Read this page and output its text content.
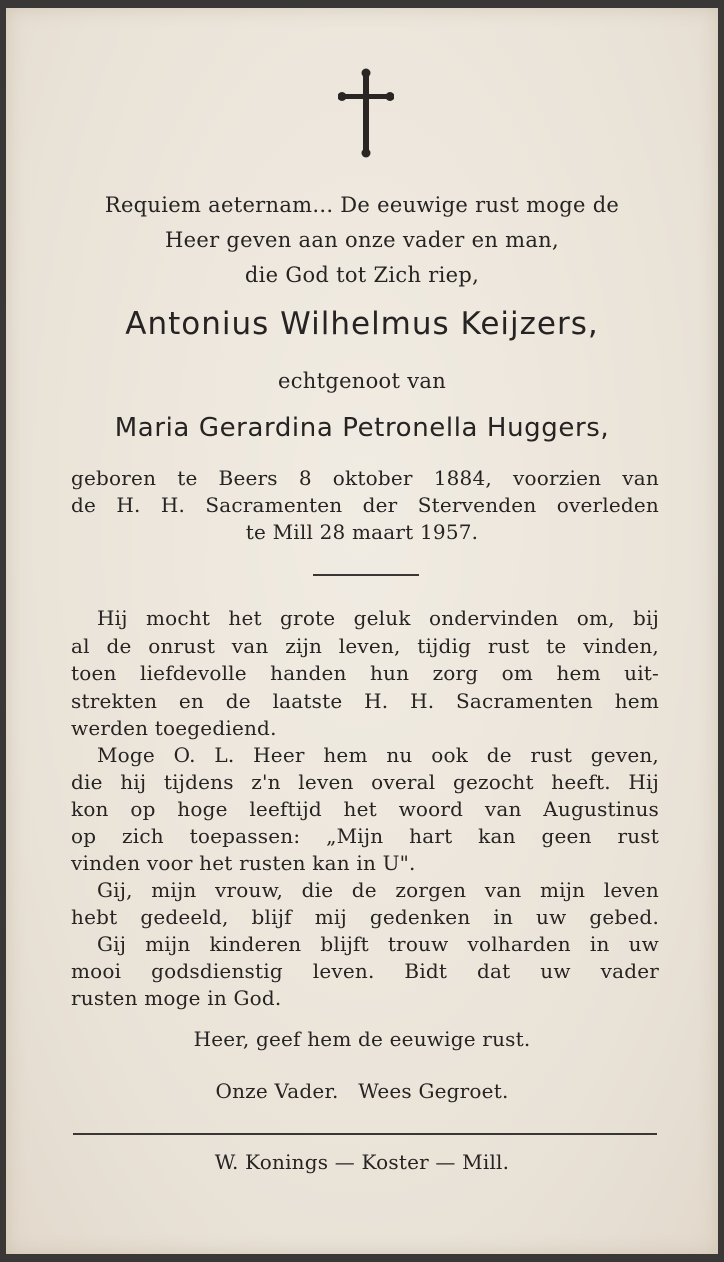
Requiem aeternam... De eeuwige rust moge de
Heer geven aan onze vader en man,
die God tot Zich riep,
Antonius Wilhelmus Keijzers,
echtgenoot van
Maria Gerardina Petronella Huggers,
geboren te Beers 8 oktober 1884, voorzien van
de H. H. Sacramenten der Stervenden overleden
te Mill 28 maart 1957.
Hij mocht het grote geluk ondervinden om, bij
al de onrust van zijn leven, tijdig rust te vinden,
toen liefdevolle handen hun zorg om hem uit-
strekten en de laatste H. H. Sacramenten hem
werden toegediend.
Moge O. L. Heer hem nu ook de rust geven,
die hij tijdens z'n leven overal gezocht heeft. Hij
kon op hoge leeftijd het woord van Augustinus
op zich toepassen: „Mijn hart kan geen rust
vinden voor het rusten kan in U".
Gij, mijn vrouw, die de zorgen van mijn leven
hebt gedeeld, blijf mij gedenken in uw gebed.
Gij mijn kinderen blijft trouw volharden in uw
mooi godsdienstig leven. Bidt dat uw vader
rusten moge in God.
Heer, geef hem de eeuwige rust.
Onze Vader.   Wees Gegroet.
W. Konings — Koster — Mill.
